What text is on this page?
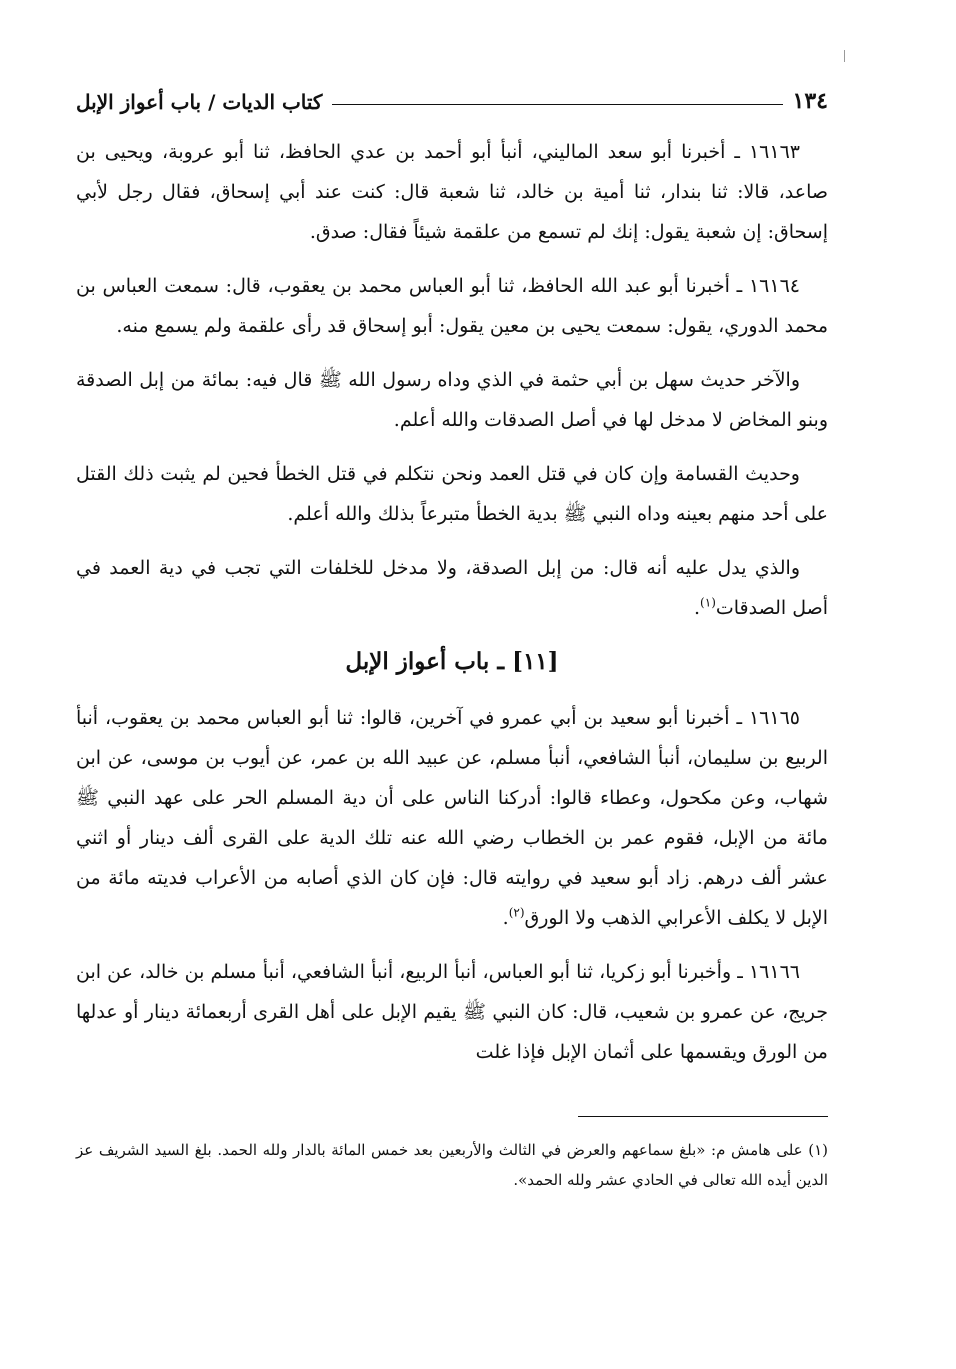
١٣٤
كتاب الديات / باب أعواز الإبل

١٦١٦٣ ـ أخبرنا أبو سعد الماليني، أنبأ أبو أحمد بن عدي الحافظ، ثنا أبو عروبة، ويحيى بن صاعد، قالا: ثنا بندار، ثنا أمية بن خالد، ثنا شعبة قال: كنت عند أبي إسحاق، فقال رجل لأبي إسحاق: إن شعبة يقول: إنك لم تسمع من علقمة شيئاً فقال: صدق.

١٦١٦٤ ـ أخبرنا أبو عبد الله الحافظ، ثنا أبو العباس محمد بن يعقوب، قال: سمعت العباس بن محمد الدوري، يقول: سمعت يحيى بن معين يقول: أبو إسحاق قد رأى علقمة ولم يسمع منه.

والآخر حديث سهل بن أبي حثمة في الذي وداه رسول الله ﷺ قال فيه: بمائة من إبل الصدقة وبنو المخاض لا مدخل لها في أصل الصدقات والله أعلم.

وحديث القسامة وإن كان في قتل العمد ونحن نتكلم في قتل الخطأ فحين لم يثبت ذلك القتل على أحد منهم بعينه وداه النبي ﷺ بدية الخطأ متبرعاً بذلك والله أعلم.

والذي يدل عليه أنه قال: من إبل الصدقة، ولا مدخل للخلفات التي تجب في دية العمد في أصل الصدقات$^{(١)}$.

[١١] ـ باب أعواز الإبل

١٦١٦٥ ـ أخبرنا أبو سعيد بن أبي عمرو في آخرين، قالوا: ثنا أبو العباس محمد بن يعقوب، أنبأ الربيع بن سليمان، أنبأ الشافعي، أنبأ مسلم، عن عبيد الله بن عمر، عن أيوب بن موسى، عن ابن شهاب، وعن مكحول، وعطاء قالوا: أدركنا الناس على أن دية المسلم الحر على عهد النبي ﷺ مائة من الإبل، فقوم عمر بن الخطاب رضي الله عنه تلك الدية على القرى ألف دينار أو اثني عشر ألف درهم. زاد أبو سعيد في روايته قال: فإن كان الذي أصابه من الأعراب فديته مائة من الإبل لا يكلف الأعرابي الذهب ولا الورق$^{(٢)}$.

١٦١٦٦ ـ وأخبرنا أبو زكريا، ثنا أبو العباس، أنبأ الربيع، أنبأ الشافعي، أنبأ مسلم بن خالد، عن ابن جريج، عن عمرو بن شعيب، قال: كان النبي ﷺ يقيم الإبل على أهل القرى أربعمائة دينار أو عدلها من الورق ويقسمها على أثمان الإبل فإذا غلت

(١) على هامش م: «بلغ سماعهم والعرض في الثالث والأربعين بعد خمس المائة بالدار ولله الحمد. بلغ السيد الشريف عز الدين أيده الله تعالى في الحادي عشر ولله الحمد».
